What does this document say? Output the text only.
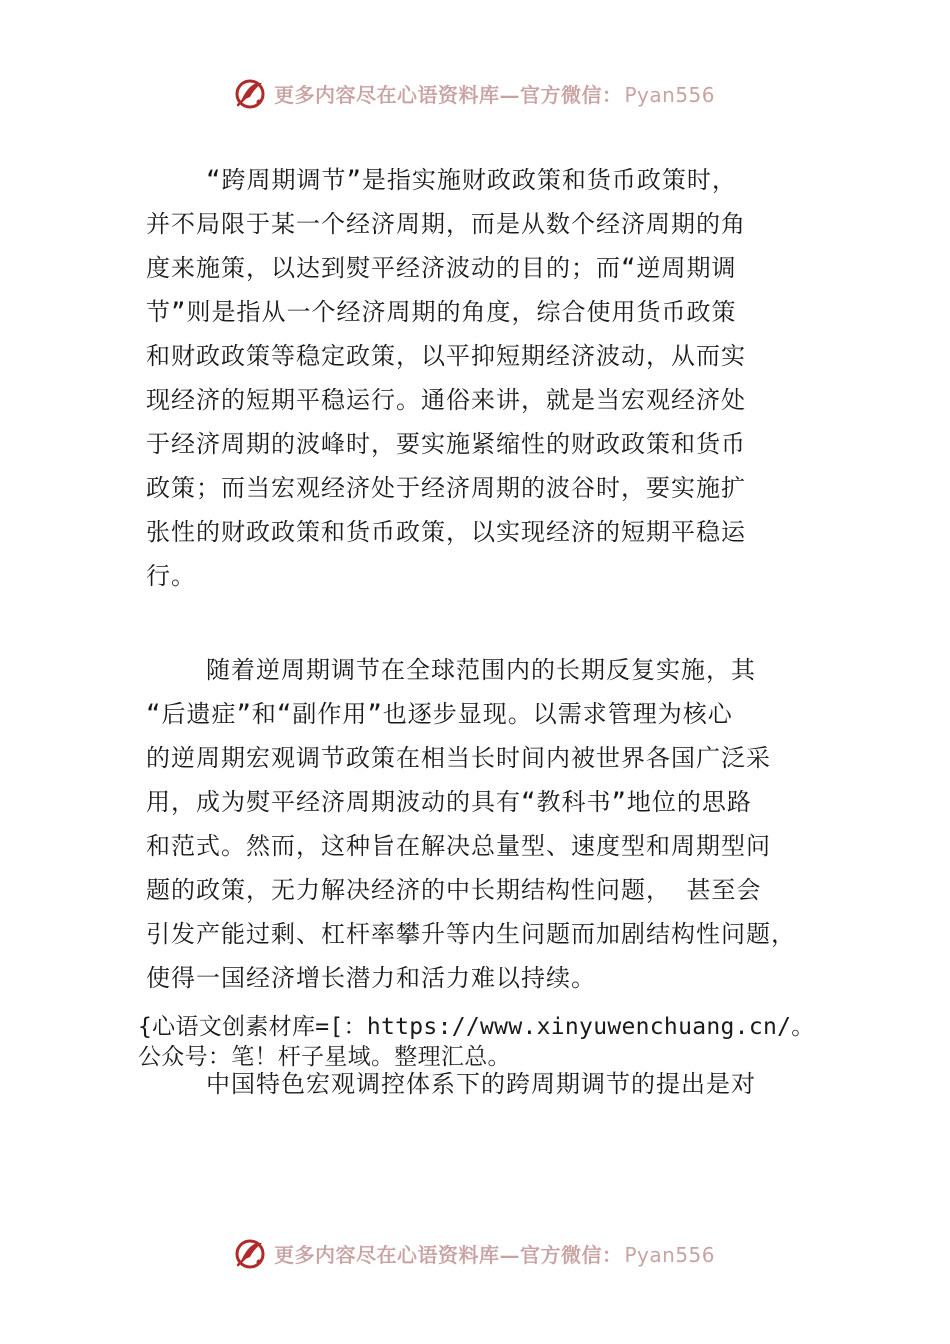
更多内容尽在心语资料库—官方微信： Pyan556
“跨周期调节”是指实施财政政策和货币政策时，
并不局限于某一个经济周期，而是从数个经济周期的角
度来施策，以达到熨平经济波动的目的；而“逆周期调
节”则是指从一个经济周期的角度，综合使用货币政策
和财政政策等稳定政策，以平抑短期经济波动，从而实
现经济的短期平稳运行。通俗来讲，就是当宏观经济处
于经济周期的波峰时，要实施紧缩性的财政政策和货币
政策；而当宏观经济处于经济周期的波谷时，要实施扩
张性的财政政策和货币政策，以实现经济的短期平稳运
行。
随着逆周期调节在全球范围内的长期反复实施，其
“后遗症”和“副作用”也逐步显现。以需求管理为核心
的逆周期宏观调节政策在相当长时间内被世界各国广泛采
用，成为熨平经济周期波动的具有“教科书”地位的思路
和范式。然而，这种旨在解决总量型、速度型和周期型问
题的政策，无力解决经济的中长期结构性问题， 甚至会
引发产能过剩、杠杆率攀升等内生问题而加剧结构性问题，
使得一国经济增长潜力和活力难以持续。
{心语文创素材库=[：https://www.xinyuwenchuang.cn/。
公众号：笔！杆子星域。整理汇总。
中国特色宏观调控体系下的跨周期调节的提出是对
更多内容尽在心语资料库—官方微信： Pyan556
